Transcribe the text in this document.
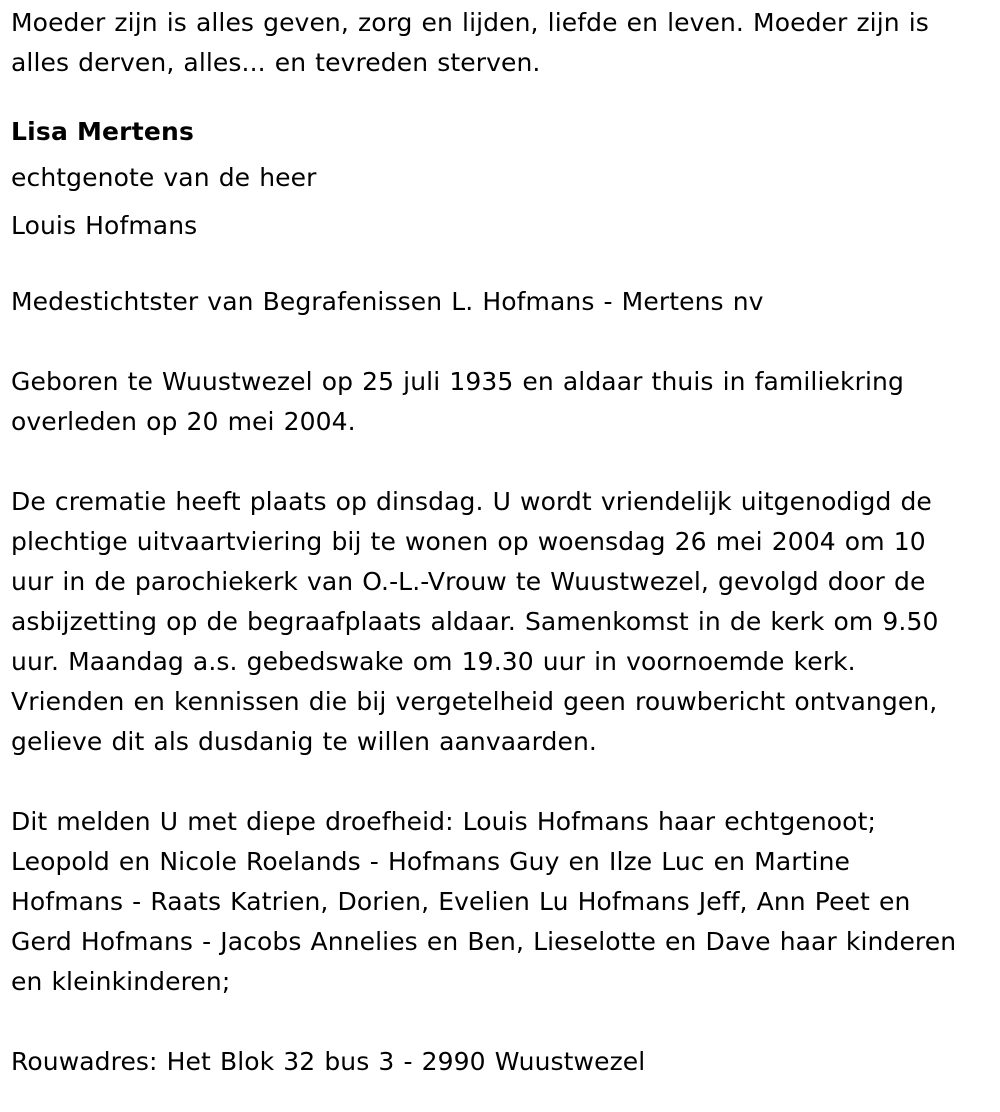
Moeder zijn is alles geven, zorg en lijden, liefde en leven. Moeder zijn is
alles derven, alles... en tevreden sterven.

Lisa Mertens

echtgenote van de heer

Louis Hofmans

Medestichtster van Begrafenissen L. Hofmans - Mertens nv

Geboren te Wuustwezel op 25 juli 1935 en aldaar thuis in familiekring
overleden op 20 mei 2004.

De crematie heeft plaats op dinsdag. U wordt vriendelijk uitgenodigd de
plechtige uitvaartviering bij te wonen op woensdag 26 mei 2004 om 10
uur in de parochiekerk van O.-L.-Vrouw te Wuustwezel, gevolgd door de
asbijzetting op de begraafplaats aldaar. Samenkomst in de kerk om 9.50
uur. Maandag a.s. gebedswake om 19.30 uur in voornoemde kerk.
Vrienden en kennissen die bij vergetelheid geen rouwbericht ontvangen,
gelieve dit als dusdanig te willen aanvaarden.

Dit melden U met diepe droefheid: Louis Hofmans haar echtgenoot;
Leopold en Nicole Roelands - Hofmans Guy en Ilze Luc en Martine
Hofmans - Raats Katrien, Dorien, Evelien Lu Hofmans Jeff, Ann Peet en
Gerd Hofmans - Jacobs Annelies en Ben, Lieselotte en Dave haar kinderen
en kleinkinderen;

Rouwadres: Het Blok 32 bus 3 - 2990 Wuustwezel
